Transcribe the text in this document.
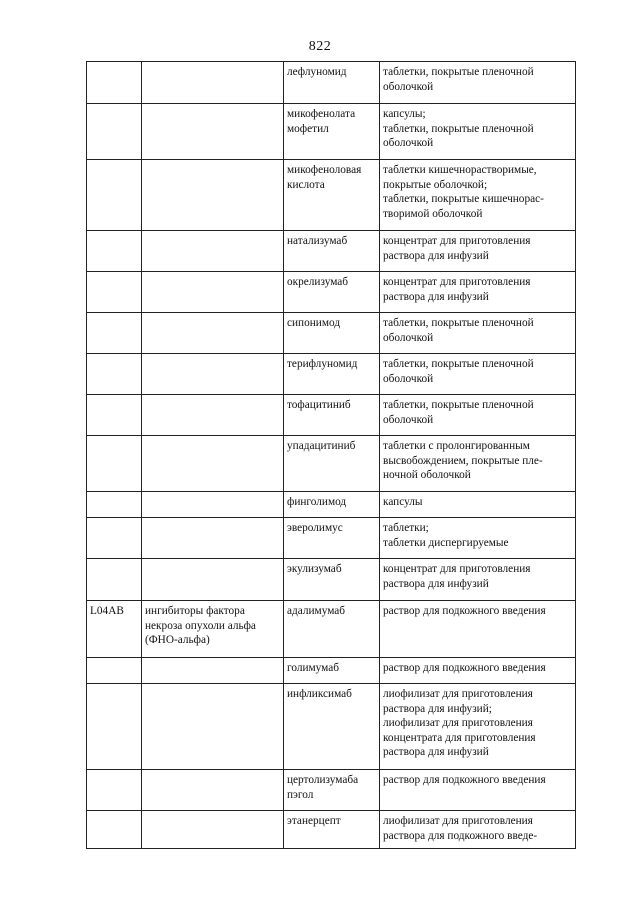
822
		лефлуномид	таблетки, покрытые пленочной
оболочкой
		микофенолата
мофетил	капсулы;
таблетки, покрытые пленочной
оболочкой
		микофеноловая
кислота	таблетки кишечнорастворимые,
покрытые оболочкой;
таблетки, покрытые кишечнорас-
творимой оболочкой
		натализумаб	концентрат для приготовления
раствора для инфузий
		окрелизумаб	концентрат для приготовления
раствора для инфузий
		сипонимод	таблетки, покрытые пленочной
оболочкой
		терифлуномид	таблетки, покрытые пленочной
оболочкой
		тофацитиниб	таблетки, покрытые пленочной
оболочкой
		упадацитиниб	таблетки с пролонгированным
высвобождением, покрытые пле-
ночной оболочкой
		финголимод	капсулы
		эверолимус	таблетки;
таблетки диспергируемые
		экулизумаб	концентрат для приготовления
раствора для инфузий
L04AB	ингибиторы фактора
некроза опухоли альфа
(ФНО-альфа)	адалимумаб	раствор для подкожного введения
		голимумаб	раствор для подкожного введения
		инфликсимаб	лиофилизат для приготовления
раствора для инфузий;
лиофилизат для приготовления
концентрата для приготовления
раствора для инфузий
		цертолизумаба
пэгол	раствор для подкожного введения
		этанерцепт	лиофилизат для приготовления
раствора для подкожного введе-
